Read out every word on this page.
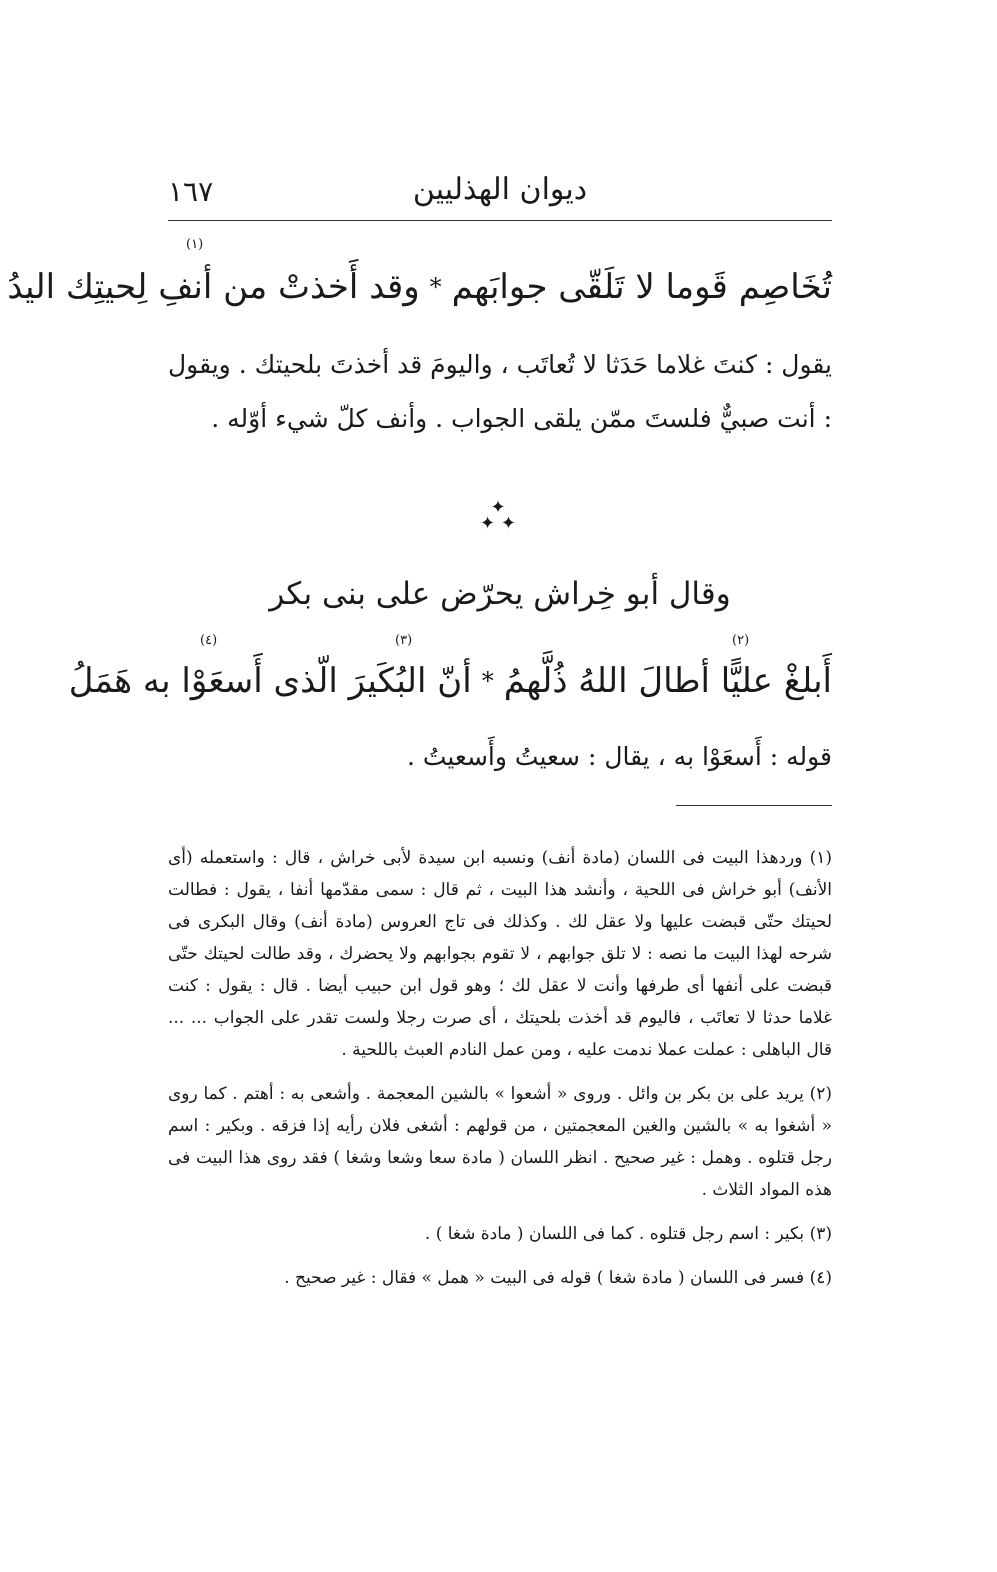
ديوان الهذليين
١٦٧
(١)
تُخَاصِم قَوما لا تَلَقّى جوابَهم
*
وقد أَخذتْ من أنفِ لِحيتِك اليدُ
يقول : كنتَ غلاما حَدَثا لا تُعاتَب ، واليومَ قد أخذتَ بلحيتك . ويقول : أنت صبيٌّ فلستَ ممّن يلقى الجواب . وأنف كلّ شيء أوّله .
✦
✦ ✦
وقال أبو خِراش يحرّض على بنى بكر
(٢)
(٣)
(٤)
أَبلغْ عليًّا أطالَ اللهُ ذُلَّهمُ
*
أنّ البُكَيرَ الّذى أَسعَوْا به هَمَلُ
قوله : أَسعَوْا به ، يقال : سعيتُ وأَسعيتُ .

(١) وردهذا البيت فى اللسان (مادة أنف) ونسبه ابن سيدة لأبى خراش ، قال : واستعمله (أى الأنف) أبو خراش فى اللحية ، وأنشد هذا البيت ، ثم قال : سمى مقدّمها أنفا ، يقول : فطالت لحيتك حتّى قبضت عليها ولا عقل لك . وكذلك فى تاج العروس (مادة أنف) وقال البكرى فى شرحه لهذا البيت ما نصه : لا تلق جوابهم ، لا تقوم بجوابهم ولا يحضرك ، وقد طالت لحيتك حتّى قبضت على أنفها أى طرفها وأنت لا عقل لك ؛ وهو قول ابن حبيب أيضا . قال : يقول : كنت غلاما حدثا لا تعاتَب ، فاليوم قد أخذت بلحيتك ، أى صرت رجلا ولست تقدر على الجواب ... ... قال الباهلى : عملت عملا ندمت عليه ، ومن عمل النادم العبث باللحية .

(٢) يريد على بن بكر بن وائل . وروى « أشعوا » بالشين المعجمة . وأشعى به : أهتم . كما روى « أشغوا به » بالشين والغين المعجمتين ، من قولهم : أشغى فلان رأيه إذا فزقه . وبكير : اسم رجل قتلوه . وهمل : غير صحيح . انظر اللسان ( مادة سعا وشعا وشغا ) فقد روى هذا البيت فى هذه المواد الثلاث .

(٣) بكير : اسم رجل قتلوه . كما فى اللسان ( مادة شغا ) .

(٤) فسر فى اللسان ( مادة شغا ) قوله فى البيت « همل » فقال : غير صحيح .
